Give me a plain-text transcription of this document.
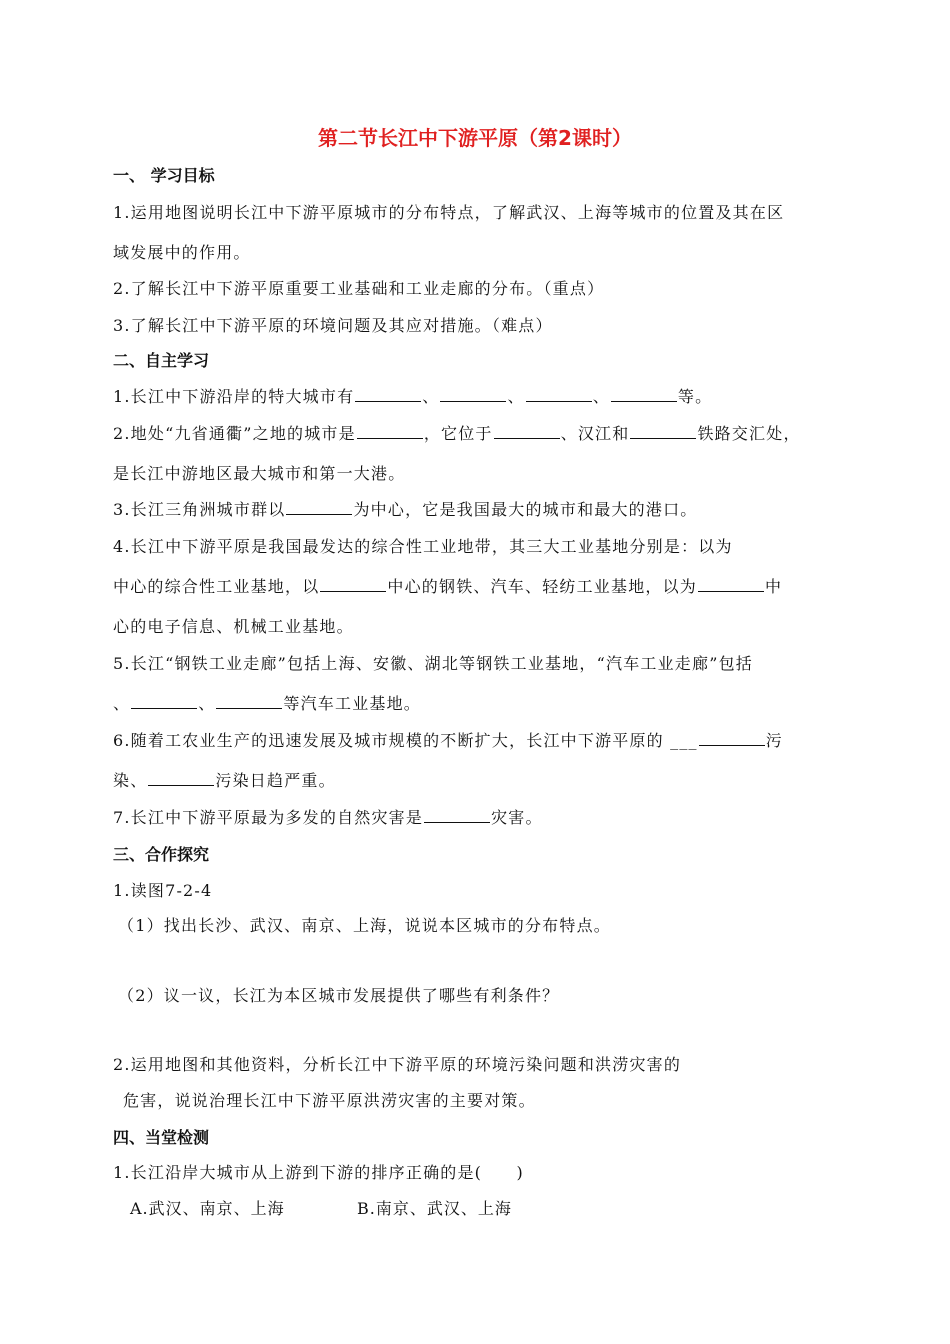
第二节长江中下游平原（第2课时）
一、 学习目标
1.运用地图说明长江中下游平原城市的分布特点，了解武汉、上海等城市的位置及其在区
域发展中的作用。
2.了解长江中下游平原重要工业基础和工业走廊的分布。（重点）
3.了解长江中下游平原的环境问题及其应对措施。（难点）
二、自主学习
1.长江中下游沿岸的特大城市有	、	、	、	等。
2.地处“九省通衢”之地的城市是	，它位于	、汉江和	铁路交汇处，
是长江中游地区最大城市和第一大港。
3.长江三角洲城市群以	为中心，它是我国最大的城市和最大的港口。
4.长江中下游平原是我国最发达的综合性工业地带，其三大工业基地分别是：以为
中心的综合性工业基地，以	中心的钢铁、汽车、轻纺工业基地，以为	中
心的电子信息、机械工业基地。
5.长江“钢铁工业走廊”包括上海、安徽、湖北等钢铁工业基地，“汽车工业走廊”包括
、	、	等汽车工业基地。
6.随着工农业生产的迅速发展及城市规模的不断扩大，长江中下游平原的 ___	污
染、	污染日趋严重。
7.长江中下游平原最为多发的自然灾害是	灾害。
三、合作探究
1.读图7-2-4
（1）找出长沙、武汉、南京、上海，说说本区城市的分布特点。
（2）议一议，长江为本区城市发展提供了哪些有利条件？
2.运用地图和其他资料，分析长江中下游平原的环境污染问题和洪涝灾害的
危害，说说治理长江中下游平原洪涝灾害的主要对策。
四、当堂检测
1.长江沿岸大城市从上游到下游的排序正确的是(　　)
A.武汉、南京、上海	B.南京、武汉、上海
